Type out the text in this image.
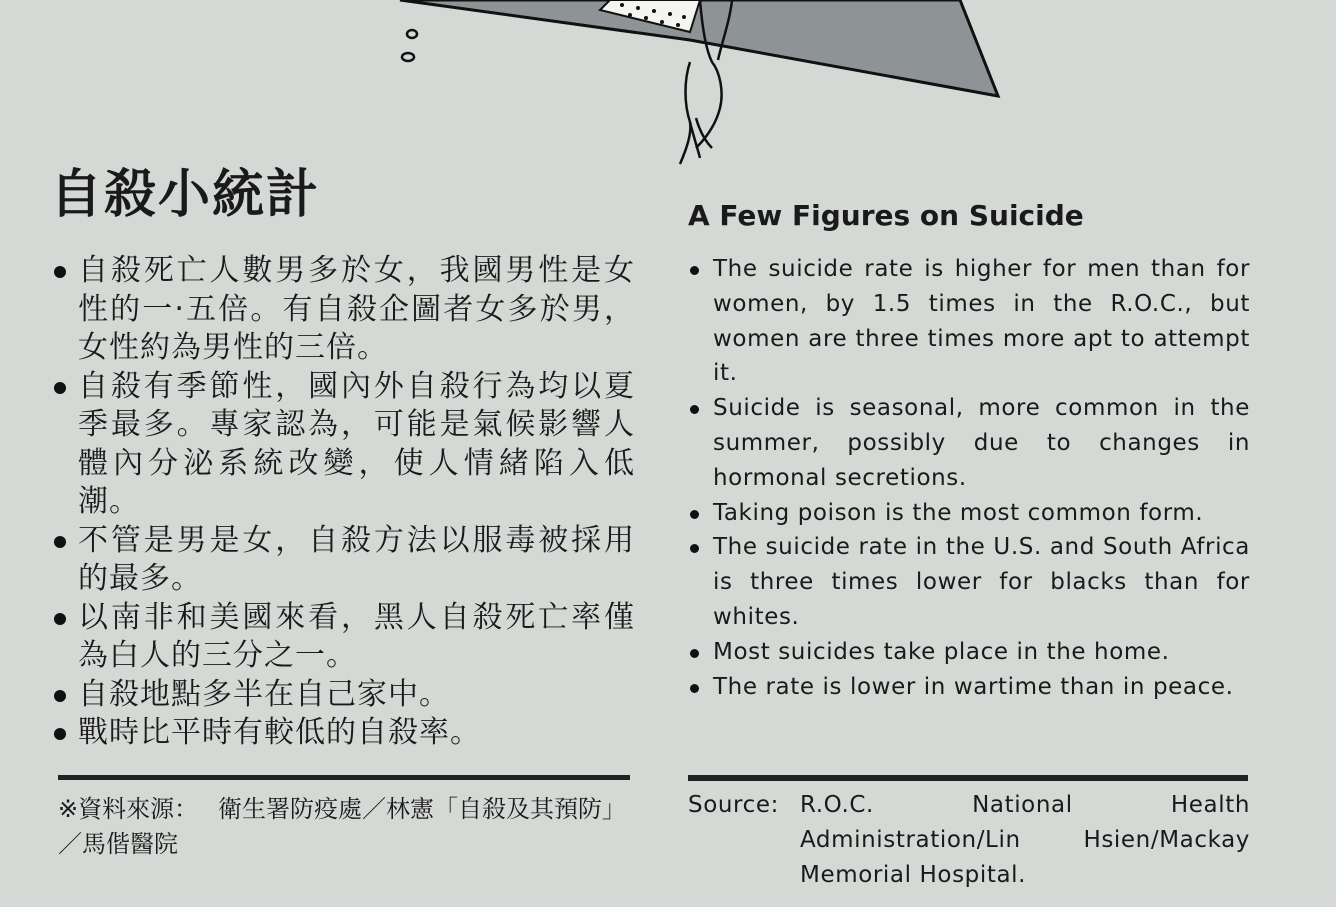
自殺小統計
自殺死亡人數男多於女，我國男性是女性的一‧五倍。有自殺企圖者女多於男，女性約為男性的三倍。
自殺有季節性，國內外自殺行為均以夏季最多。專家認為，可能是氣候影響人體內分泌系統改變，使人情緒陷入低潮。
不管是男是女，自殺方法以服毒被採用的最多。
以南非和美國來看，黑人自殺死亡率僅為白人的三分之一。
自殺地點多半在自己家中。
戰時比平時有較低的自殺率。
※資料來源： 衛生署防疫處／林憲「自殺及其預防」／馬偕醫院
A Few Figures on Suicide
The suicide rate is higher for men than for women, by 1.5 times in the R.O.C., but women are three times more apt to attempt it.
Suicide is seasonal, more common in the summer, possibly due to changes in hormonal secretions.
Taking poison is the most common form.
The suicide rate in the U.S. and South Africa is three times lower for blacks than for whites.
Most suicides take place in the home.
The rate is lower in wartime than in peace.
Source: R.O.C. National Health Administration/Lin Hsien/Mackay Memorial Hospital.
